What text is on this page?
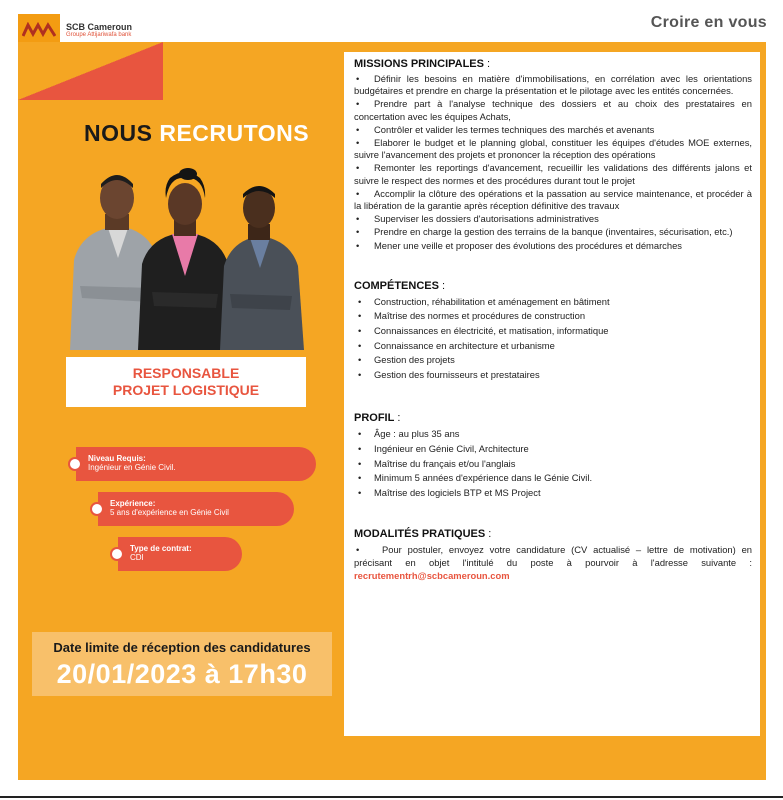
SCB Cameroun
Groupe Attijariwafa bank
Croire en vous
NOUS RECRUTONS
RESPONSABLE
PROJET LOGISTIQUE
Niveau Requis:
Ingénieur en Génie Civil.
Expérience:
5 ans d'expérience en Génie Civil
Type de contrat:
CDI
Date limite de réception des candidatures
20/01/2023 à 17h30
MISSIONS PRINCIPALES :
• Définir les besoins en matière d'immobilisations, en corrélation avec les orientations budgétaires et prendre en charge la présentation et le pilotage avec les entités concernées.
• Prendre part à l'analyse technique des dossiers et au choix des prestataires en concertation avec les équipes Achats,
• Contrôler et valider les termes techniques des marchés et avenants
• Elaborer le budget et le planning global, constituer les équipes d'études MOE externes, suivre l'avancement des projets et prononcer la réception des opérations
• Remonter les reportings d'avancement, recueillir les validations des différents jalons et suivre le respect des normes et des procédures durant tout le projet
• Accomplir la clôture des opérations et la passation au service maintenance, et procéder à la libération de la garantie après réception définitive des travaux
• Superviser les dossiers d'autorisations administratives
• Prendre en charge la gestion des terrains de la banque (inventaires, sécurisation, etc.)
• Mener une veille et proposer des évolutions des procédures et démarches
COMPÉTENCES :
• Construction, réhabilitation et aménagement en bâtiment
• Maîtrise des normes et procédures de construction
• Connaissances en électricité, et matisation, informatique
• Connaissance en architecture et urbanisme
• Gestion des projets
• Gestion des fournisseurs et prestataires
PROFIL :
• Âge : au plus 35 ans
• Ingénieur en Génie Civil, Architecture
• Maîtrise du français et/ou l'anglais
• Minimum 5 années d'expérience dans le Génie Civil.
• Maîtrise des logiciels BTP et MS Project
MODALITÉS PRATIQUES :
• Pour postuler, envoyez votre candidature (CV actualisé – lettre de motivation) en précisant en objet l'intitulé du poste à pourvoir à l'adresse suivante : recrutementrh@scbcameroun.com
